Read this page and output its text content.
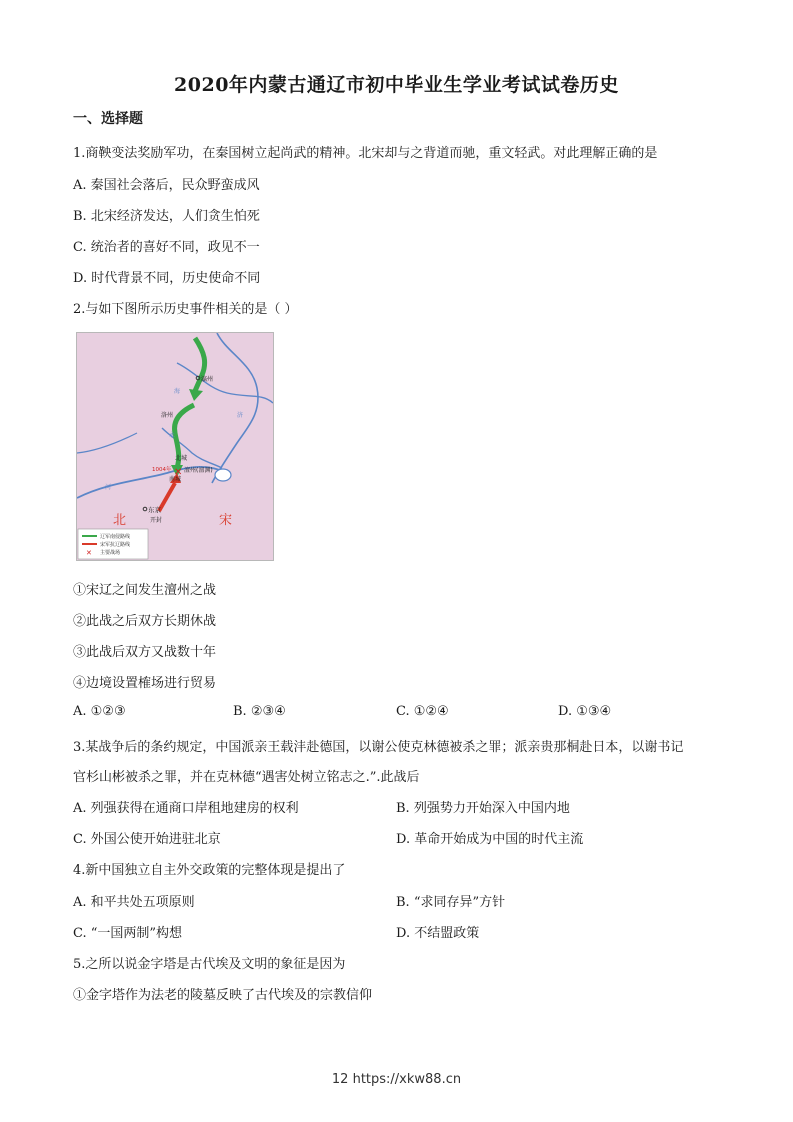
2020年内蒙古通辽市初中毕业生学业考试试卷历史
一、选择题
1.商鞅变法奖励军功，在秦国树立起尚武的精神。北宋却与之背道而驰，重文轻武。对此理解正确的是
A. 秦国社会落后，民众野蛮成风
B. 北宋经济发达，人们贪生怕死
C. 统治者的喜好不同，政见不一
D. 时代背景不同，历史使命不同
2.与如下图所示历史事件相关的是（ ）
✕
瀛州
洛州
北城
澶州(澶渊)
南城
1004年
东京
开封
海
永
河
济
北	宋
辽军南侵路线
宋军抗辽路线
✕ 主要战场
①宋辽之间发生澶州之战
②此战之后双方长期休战
③此战后双方又战数十年
④边境设置榷场进行贸易
A. ①②③	B. ②③④	C. ①②④	D. ①③④
3.某战争后的条约规定，中国派亲王载沣赴德国，以谢公使克林德被杀之罪；派亲贵那桐赴日本，以谢书记
官杉山彬被杀之罪，并在克林德“遇害处树立铭志之.”.此战后
A. 列强获得在通商口岸租地建房的权利	B. 列强势力开始深入中国内地
C. 外国公使开始进驻北京	D. 革命开始成为中国的时代主流
4.新中国独立自主外交政策的完整体现是提出了
A. 和平共处五项原则	B. “求同存异”方针
C. “一国两制”构想	D. 不结盟政策
5.之所以说金字塔是古代埃及文明的象征是因为
①金字塔作为法老的陵墓反映了古代埃及的宗教信仰
12 https://xkw88.cn
